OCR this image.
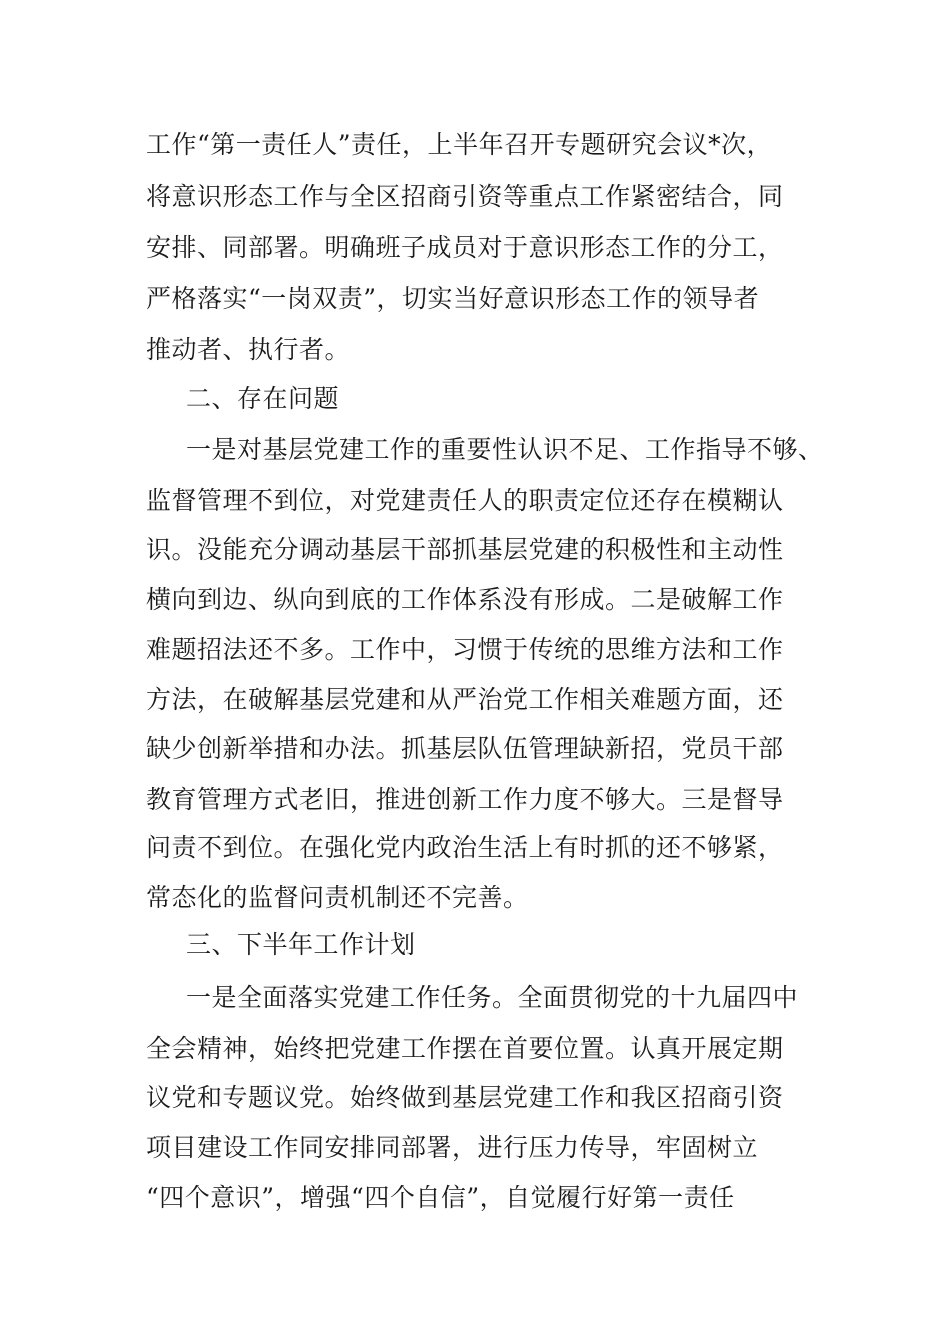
工作“第一责任人”责任，上半年召开专题研究会议*次，
将意识形态工作与全区招商引资等重点工作紧密结合，同
安排、同部署。明确班子成员对于意识形态工作的分工，
严格落实“一岗双责”，切实当好意识形态工作的领导者
推动者、执行者。
二、存在问题
一是对基层党建工作的重要性认识不足、工作指导不够、
监督管理不到位，对党建责任人的职责定位还存在模糊认
识。没能充分调动基层干部抓基层党建的积极性和主动性
横向到边、纵向到底的工作体系没有形成。二是破解工作
难题招法还不多。工作中，习惯于传统的思维方法和工作
方法，在破解基层党建和从严治党工作相关难题方面，还
缺少创新举措和办法。抓基层队伍管理缺新招，党员干部
教育管理方式老旧，推进创新工作力度不够大。三是督导
问责不到位。在强化党内政治生活上有时抓的还不够紧，
常态化的监督问责机制还不完善。
三、下半年工作计划
一是全面落实党建工作任务。全面贯彻党的十九届四中
全会精神，始终把党建工作摆在首要位置。认真开展定期
议党和专题议党。始终做到基层党建工作和我区招商引资
项目建设工作同安排同部署，进行压力传导，牢固树立
“四个意识”，增强“四个自信”，自觉履行好第一责任
